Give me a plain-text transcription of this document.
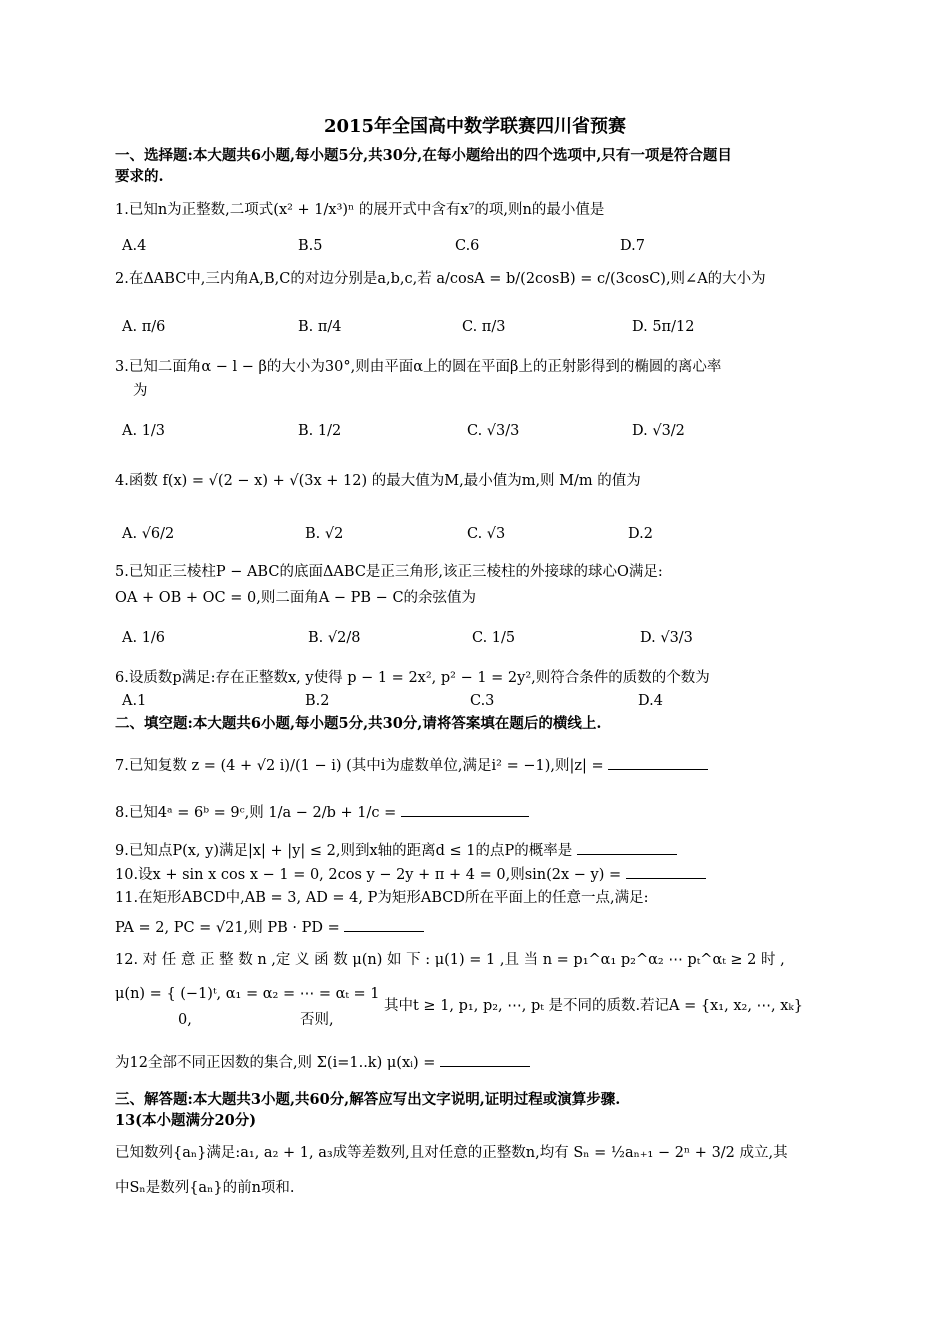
2015年全国高中数学联赛四川省预赛
一、选择题:本大题共6小题,每小题5分,共30分,在每小题给出的四个选项中,只有一项是符合题目
要求的.
1.已知n为正整数,二项式(x² + 1/x³)ⁿ 的展开式中含有x⁷的项,则n的最小值是
A.4	B.5	C.6	D.7
2.在ΔABC中,三内角A,B,C的对边分别是a,b,c,若 a/cosA = b/(2cosB) = c/(3cosC),则∠A的大小为
A. π/6	B. π/4	C. π/3	D. 5π/12
3.已知二面角α − l − β的大小为30°,则由平面α上的圆在平面β上的正射影得到的椭圆的离心率
为
A. 1/3	B. 1/2	C. √3/3	D. √3/2
4.函数 f(x) = √(2 − x) + √(3x + 12) 的最大值为M,最小值为m,则 M/m 的值为
A. √6/2	B. √2	C. √3	D.2
5.已知正三棱柱P − ABC的底面ΔABC是正三角形,该正三棱柱的外接球的球心O满足:
OA + OB + OC = 0,则二面角A − PB − C的余弦值为
A. 1/6	B. √2/8	C. 1/5	D. √3/3
6.设质数p满足:存在正整数x, y使得 p − 1 = 2x², p² − 1 = 2y²,则符合条件的质数的个数为
A.1	B.2	C.3	D.4
二、填空题:本大题共6小题,每小题5分,共30分,请将答案填在题后的横线上.
7.已知复数 z = (4 + √2 i)/(1 − i) (其中i为虚数单位,满足i² = −1),则|z| =
8.已知4ᵃ = 6ᵇ = 9ᶜ,则 1/a − 2/b + 1/c =
9.已知点P(x, y)满足|x| + |y| ≤ 2,则到x轴的距离d ≤ 1的点P的概率是
10.设x + sin x cos x − 1 = 0, 2cos y − 2y + π + 4 = 0,则sin(2x − y) =
11.在矩形ABCD中,AB = 3, AD = 4, P为矩形ABCD所在平面上的任意一点,满足:
PA = 2, PC = √21,则 PB · PD =
12. 对 任 意 正 整 数 n ,定 义 函 数 μ(n) 如 下 : μ(1) = 1 ,且 当 n = p₁^α₁ p₂^α₂ ⋯ pₜ^αₜ ≥ 2 时 ,
μ(n) = { (−1)ᵗ, α₁ = α₂ = ⋯ = αₜ = 1
其中t ≥ 1, p₁, p₂, ⋯, pₜ 是不同的质数.若记A = {x₁, x₂, ⋯, xₖ}
0,	否则,
为12全部不同正因数的集合,则 Σ(i=1..k) μ(xᵢ) =
三、解答题:本大题共3小题,共60分,解答应写出文字说明,证明过程或演算步骤.
13(本小题满分20分)
已知数列{aₙ}满足:a₁, a₂ + 1, a₃成等差数列,且对任意的正整数n,均有 Sₙ = ½aₙ₊₁ − 2ⁿ + 3/2 成立,其
中Sₙ是数列{aₙ}的前n项和.
